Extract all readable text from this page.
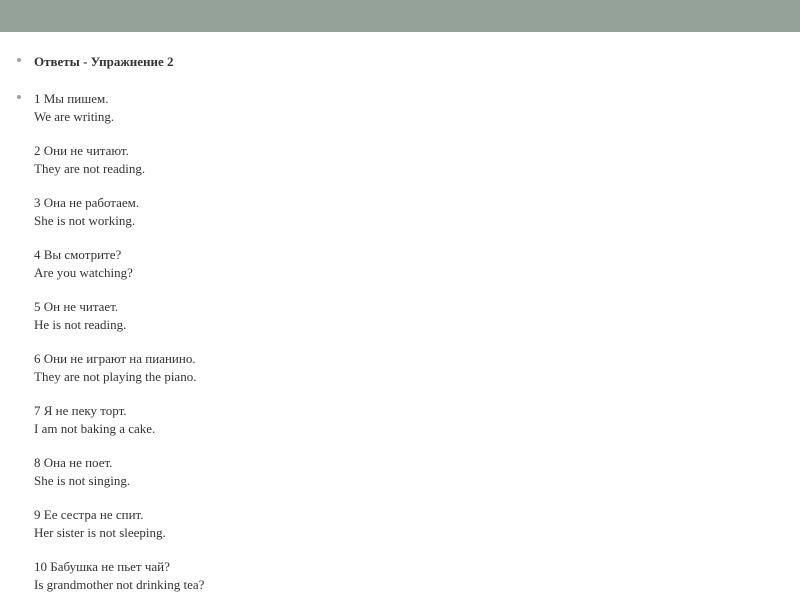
Ответы - Упражнение 2
1 Мы пишем.
We are writing.
2 Они не читают.
They are not reading.
3 Она не работаем.
She is not working.
4 Вы смотрите?
Are you watching?
5 Он не читает.
He is not reading.
6 Они не играют на пианино.
They are not playing the piano.
7 Я не пеку торт.
I am not baking a cake.
8 Она не поет.
She is not singing.
9 Ее сестра не спит.
Her sister is not sleeping.
10 Бабушка не пьет чай?
Is grandmother not drinking tea?
